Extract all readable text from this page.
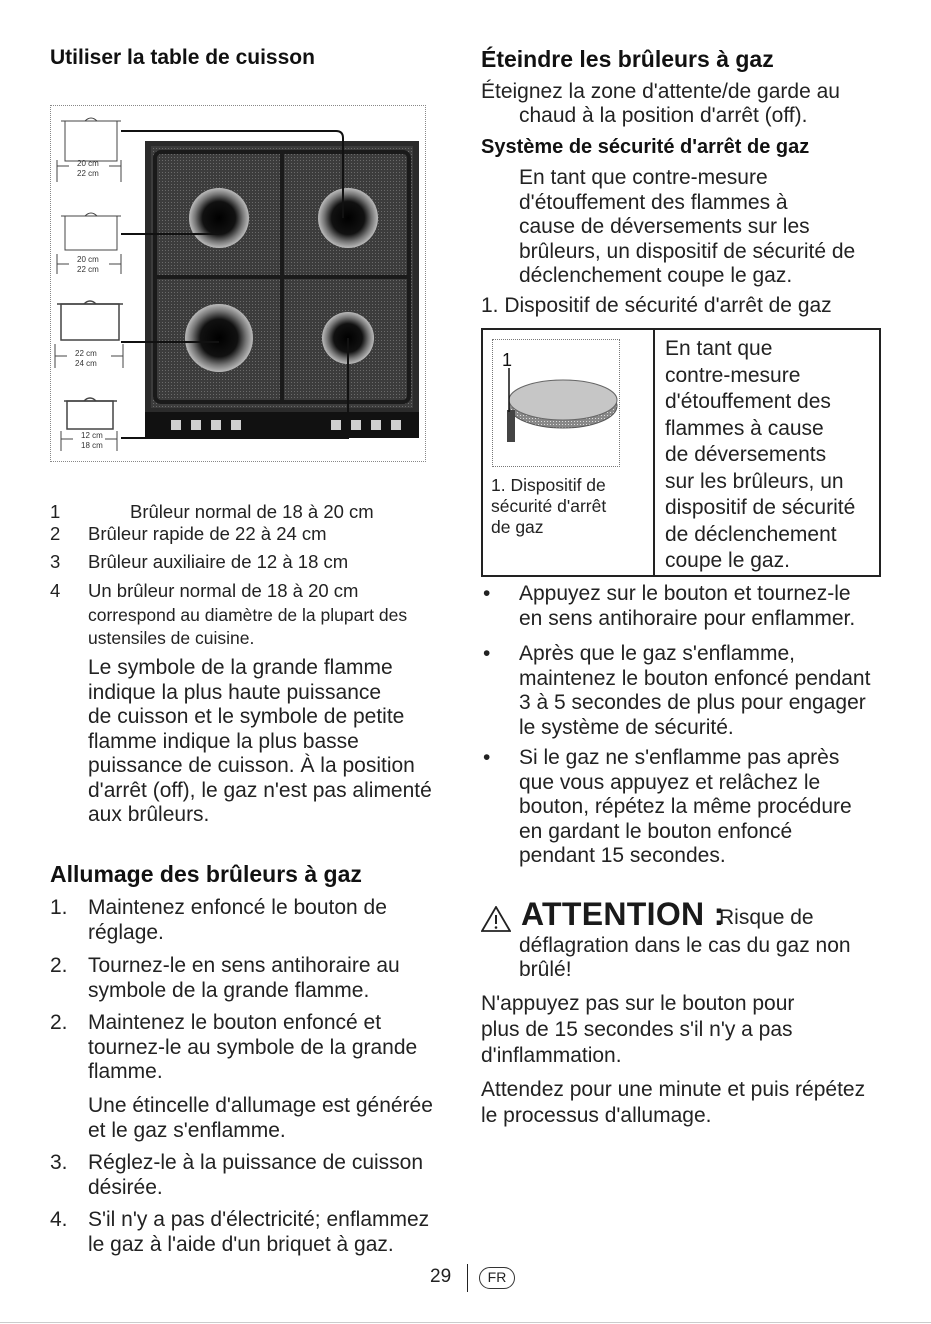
Utiliser la table de cuisson
20 cm
22 cm
20 cm
22 cm
22 cm
24 cm
12 cm
18 cm
1	Brûleur normal de 18 à 20 cm
2 Brûleur rapide de 22 à 24 cm
3 Brûleur auxiliaire de 12 à 18 cm
4 Un brûleur normal de 18 à 20 cm
correspond au diamètre de la plupart des
ustensiles de cuisine.
Le symbole de la grande flamme
indique la plus haute puissance
de cuisson et le symbole de petite
flamme indique la plus basse
puissance de cuisson. À la position
d'arrêt (off), le gaz n'est pas alimenté
aux brûleurs.
Allumage des brûleurs à gaz
1. Maintenez enfoncé le bouton de
réglage.
2. Tournez-le en sens antihoraire au
symbole de la grande flamme.
2. Maintenez le bouton enfoncé et
tournez-le au symbole de la grande
flamme.
Une étincelle d'allumage est générée
et le gaz s'enflamme.
3. Réglez-le à la puissance de cuisson
désirée.
4. S'il n'y a pas d'électricité; enflammez
le gaz à l'aide d'un briquet à gaz.
Éteindre les brûleurs à gaz
Éteignez la zone d'attente/de garde au
chaud à la position d'arrêt (off).
Système de sécurité d'arrêt de gaz
En tant que contre-mesure
d'étouffement des flammes à
cause de déversements sur les
brûleurs, un dispositif de sécurité de
déclenchement coupe le gaz.
1. Dispositif de sécurité d'arrêt de gaz
1
1. Dispositif de
sécurité d'arrêt
de gaz
En tant que
contre-mesure
d'étouffement des
flammes à cause
de déversements
sur les brûleurs, un
dispositif de sécurité
de déclenchement
coupe le gaz.
• Appuyez sur le bouton et tournez-le
en sens antihoraire pour enflammer.
• Après que le gaz s'enflamme,
maintenez le bouton enfoncé pendant
3 à 5 secondes de plus pour engager
le système de sécurité.
• Si le gaz ne s'enflamme pas après
que vous appuyez et relâchez le
bouton, répétez la même procédure
en gardant le bouton enfoncé
pendant 15 secondes.
ATTENTION :
Risque de
déflagration dans le cas du gaz non
brûlé!
N'appuyez pas sur le bouton pour
plus de 15 secondes s'il n'y a pas
d'inflammation.
Attendez pour une minute et puis répétez
le processus d'allumage.
29	FR
